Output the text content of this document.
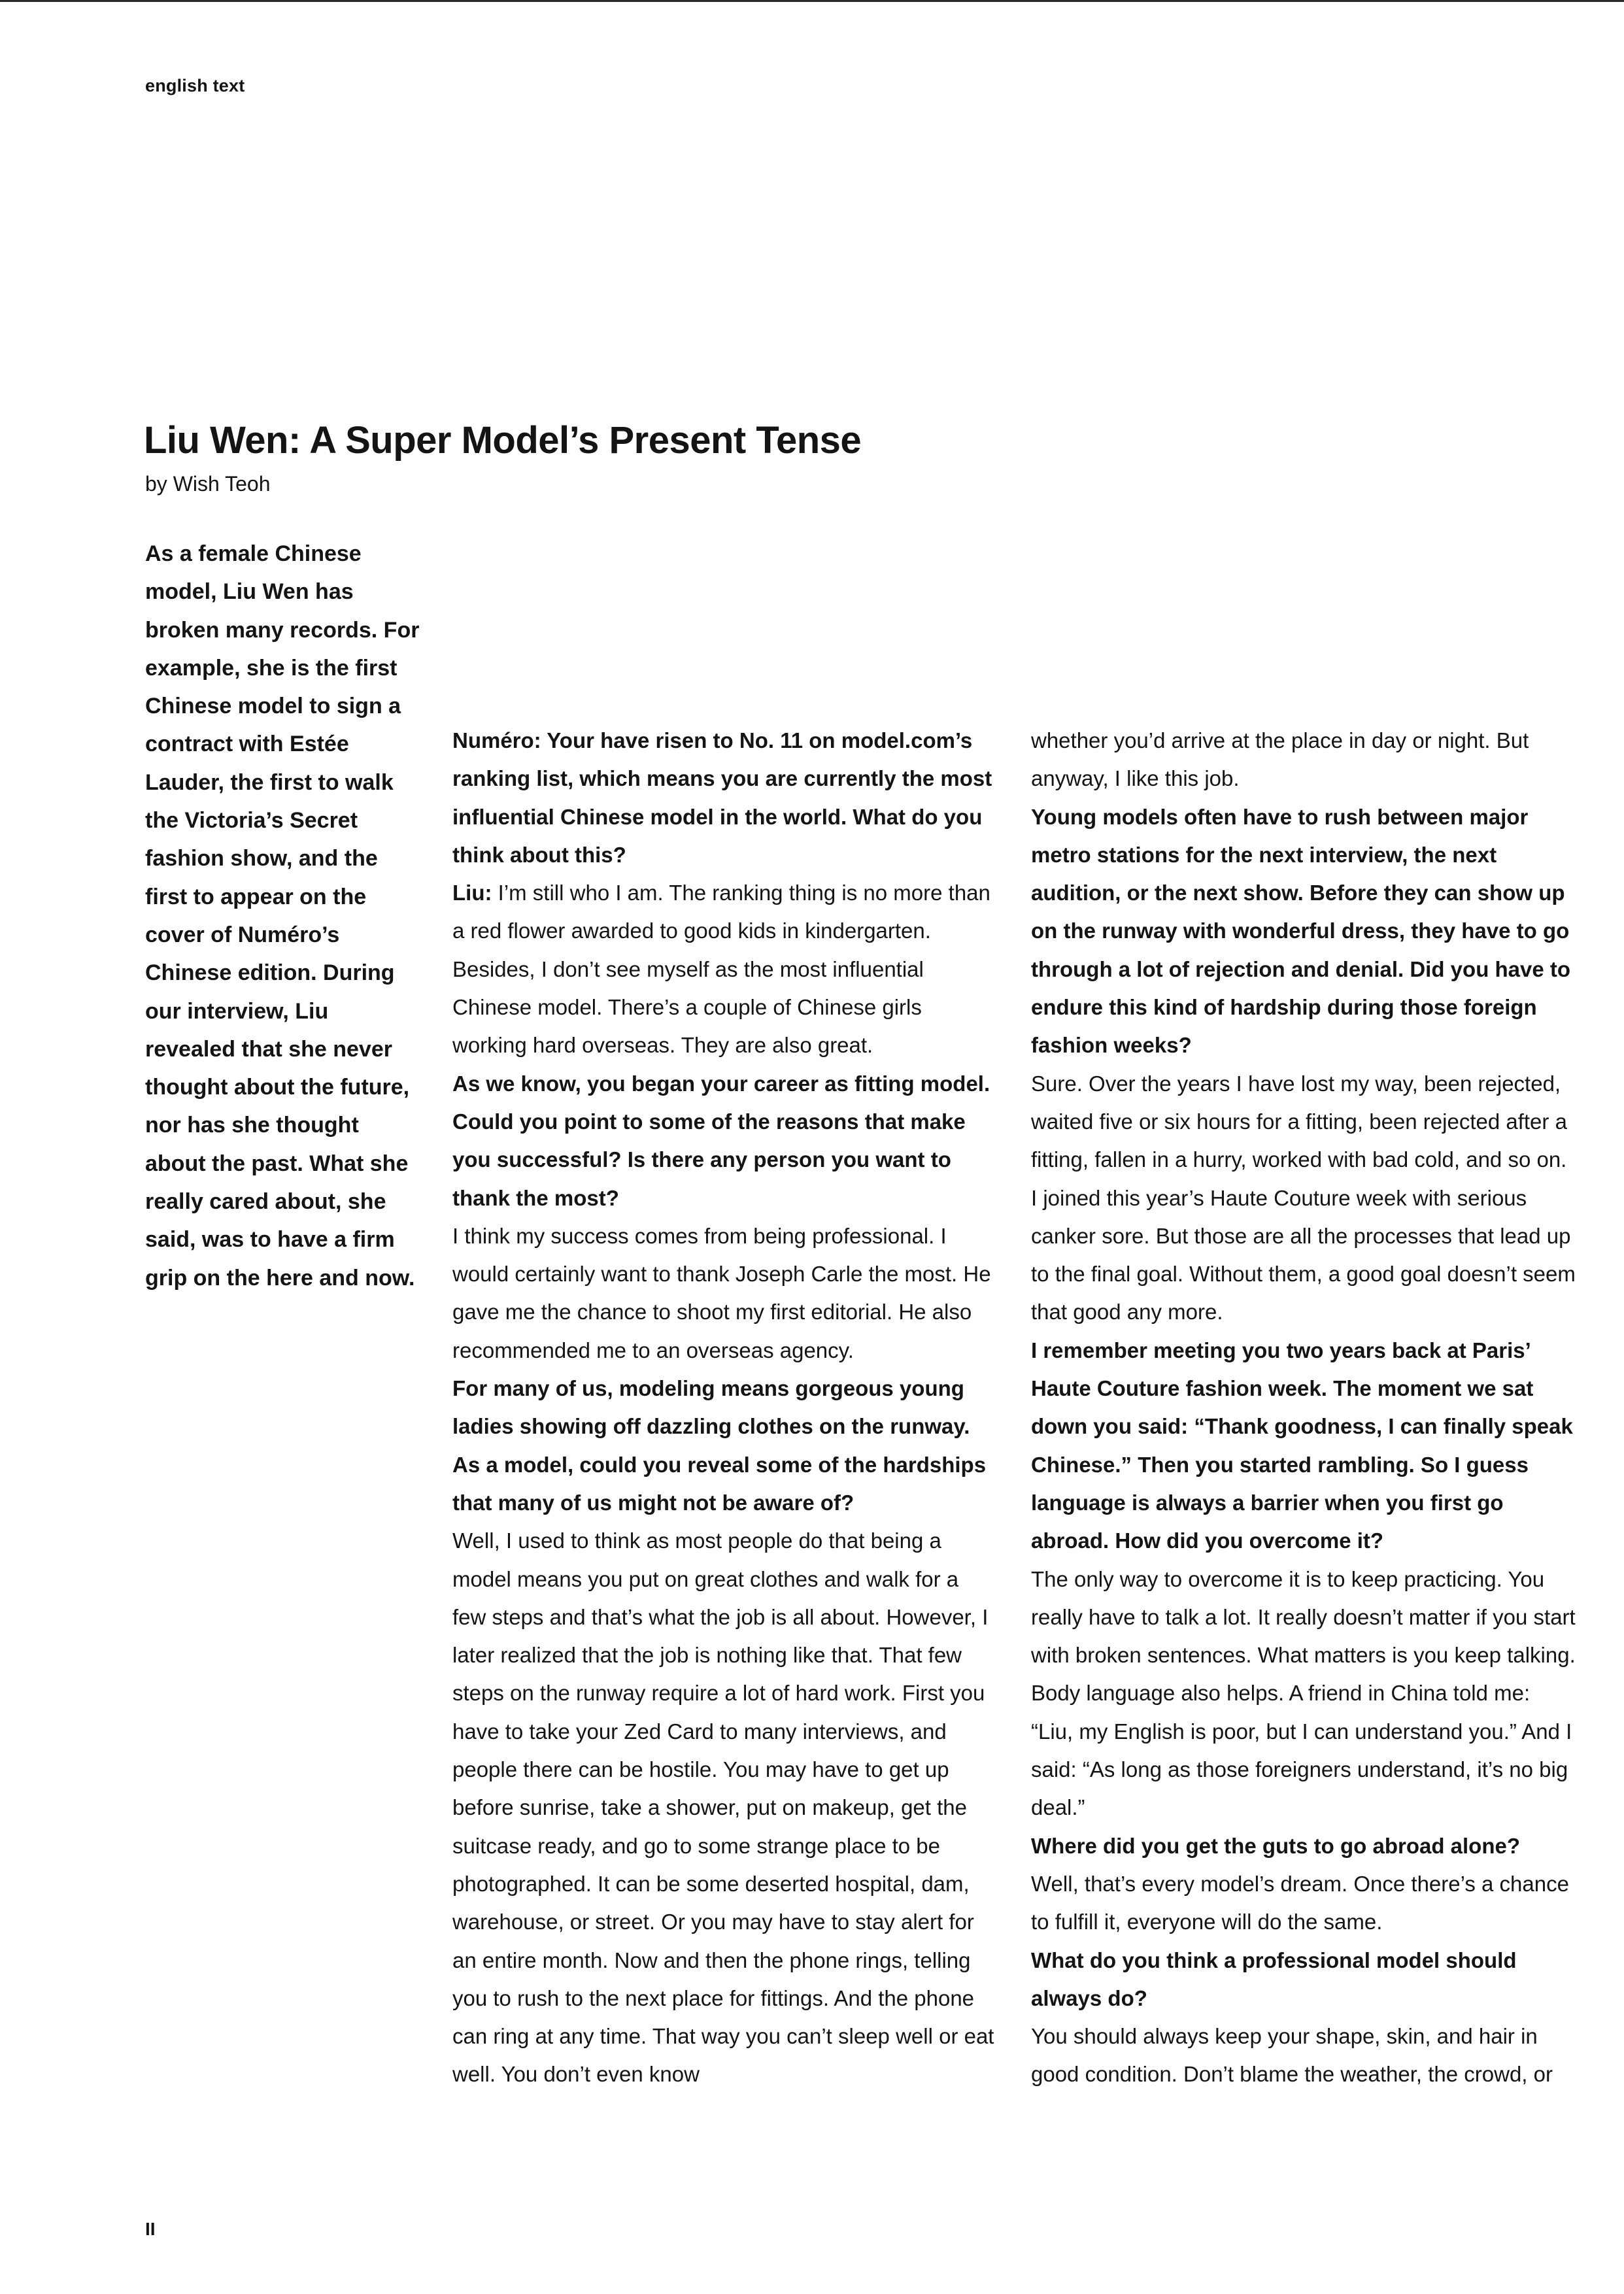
english text
Liu Wen: A Super Model’s Present Tense
by Wish Teoh
As a female Chinese model, Liu Wen has broken many records. For example, she is the first Chinese model to sign a contract with Estée Lauder, the first to walk the Victoria’s Secret fashion show, and the first to appear on the cover of Numéro’s Chinese edition. During our interview, Liu revealed that she never thought about the future, nor has she thought about the past. What she really cared about, she said, was to have a firm grip on the here and now.

Numéro: Your have risen to No. 11 on model.com’s ranking list, which means you are currently the most influential Chinese model in the world. What do you think about this?

Liu: I’m still who I am. The ranking thing is no more than a red flower awarded to good kids in kindergarten. Besides, I don’t see myself as the most influential Chinese model. There’s a couple of Chinese girls working hard overseas. They are also great.

As we know, you began your career as fitting model. Could you point to some of the reasons that make you successful? Is there any person you want to thank the most?

I think my success comes from being professional. I would certainly want to thank Joseph Carle the most. He gave me the chance to shoot my first editorial. He also recommended me to an overseas agency.

For many of us, modeling means gorgeous young ladies showing off dazzling clothes on the runway. As a model, could you reveal some of the hardships that many of us might not be aware of?

Well, I used to think as most people do that being a model means you put on great clothes and walk for a few steps and that’s what the job is all about. However, I later realized that the job is nothing like that. That few steps on the runway require a lot of hard work. First you have to take your Zed Card to many interviews, and people there can be hostile. You may have to get up before sunrise, take a shower, put on makeup, get the suitcase ready, and go to some strange place to be photographed. It can be some deserted hospital, dam, warehouse, or street. Or you may have to stay alert for an entire month. Now and then the phone rings, telling you to rush to the next place for fittings. And the phone can ring at any time. That way you can’t sleep well or eat well. You don’t even know

whether you’d arrive at the place in day or night. But anyway, I like this job.

Young models often have to rush between major metro stations for the next interview, the next audition, or the next show. Before they can show up on the runway with wonderful dress, they have to go through a lot of rejection and denial. Did you have to endure this kind of hardship during those foreign fashion weeks?

Sure. Over the years I have lost my way, been rejected, waited five or six hours for a fitting, been rejected after a fitting, fallen in a hurry, worked with bad cold, and so on. I joined this year’s Haute Couture week with serious canker sore. But those are all the processes that lead up to the final goal. Without them, a good goal doesn’t seem that good any more.

I remember meeting you two years back at Paris’ Haute Couture fashion week. The moment we sat down you said: “Thank goodness, I can finally speak Chinese.” Then you started rambling. So I guess language is always a barrier when you first go abroad. How did you overcome it?

The only way to overcome it is to keep practicing. You really have to talk a lot. It really doesn’t matter if you start with broken sentences. What matters is you keep talking. Body language also helps. A friend in China told me: “Liu, my English is poor, but I can understand you.” And I said: “As long as those foreigners understand, it’s no big deal.”

Where did you get the guts to go abroad alone?

Well, that’s every model’s dream. Once there’s a chance to fulfill it, everyone will do the same.

What do you think a professional model should always do?

You should always keep your shape, skin, and hair in good condition. Don’t blame the weather, the crowd, or

II
